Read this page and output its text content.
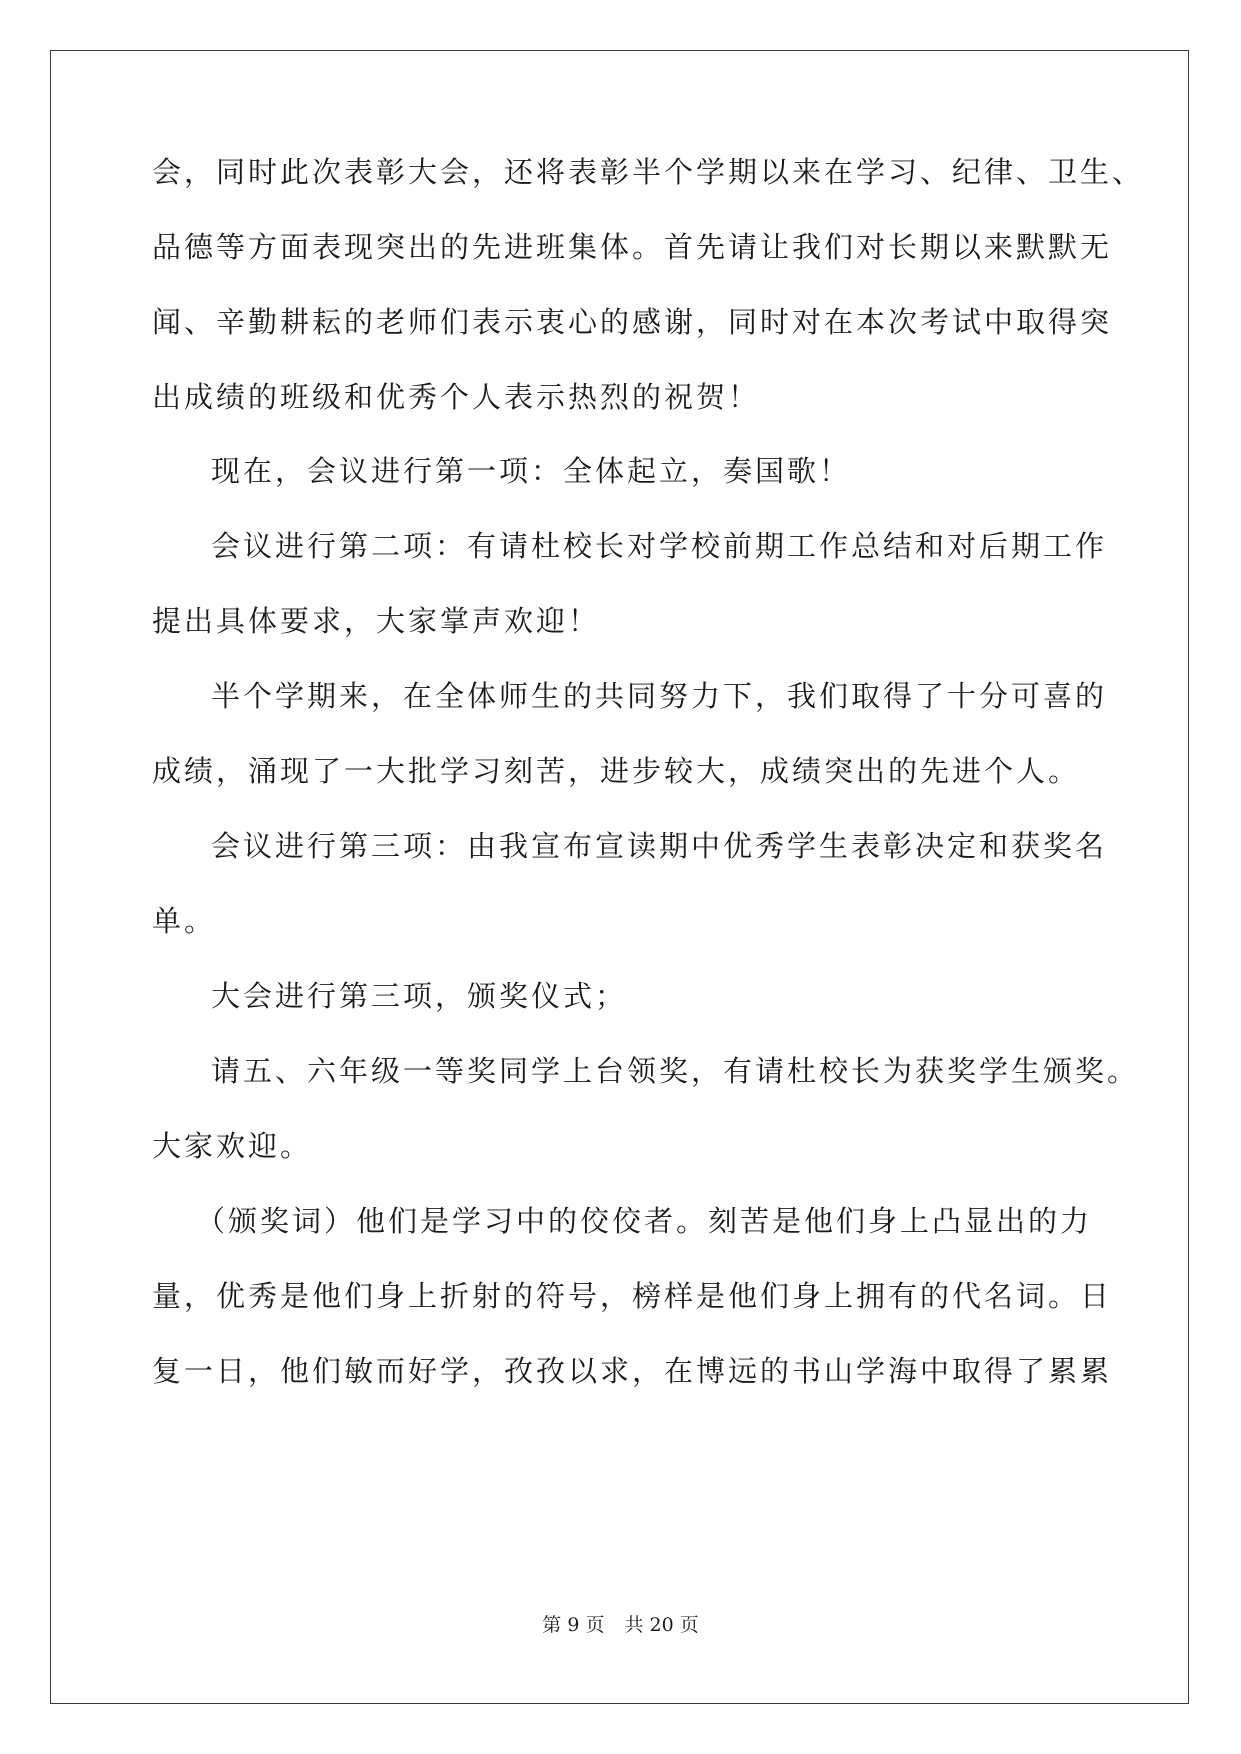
会，同时此次表彰大会，还将表彰半个学期以来在学习、纪律、卫生、
品德等方面表现突出的先进班集体。首先请让我们对长期以来默默无
闻、辛勤耕耘的老师们表示衷心的感谢，同时对在本次考试中取得突
出成绩的班级和优秀个人表示热烈的祝贺！
现在，会议进行第一项：全体起立，奏国歌！
会议进行第二项：有请杜校长对学校前期工作总结和对后期工作
提出具体要求，大家掌声欢迎！
半个学期来，在全体师生的共同努力下，我们取得了十分可喜的
成绩，涌现了一大批学习刻苦，进步较大，成绩突出的先进个人。
会议进行第三项：由我宣布宣读期中优秀学生表彰决定和获奖名
单。
大会进行第三项，颁奖仪式；
请五、六年级一等奖同学上台领奖，有请杜校长为获奖学生颁奖。
大家欢迎。
（颁奖词）他们是学习中的佼佼者。刻苦是他们身上凸显出的力
量，优秀是他们身上折射的符号，榜样是他们身上拥有的代名词。日
复一日，他们敏而好学，孜孜以求，在博远的书山学海中取得了累累
第 9 页 共 20 页
